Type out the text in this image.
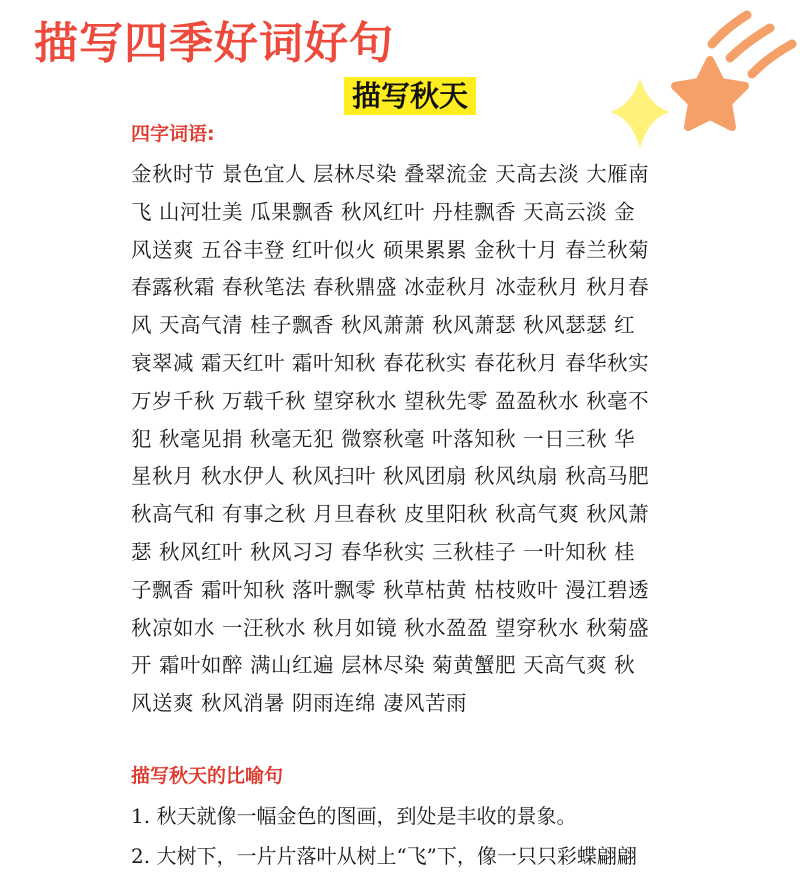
描写四季好词好句
描写秋天
四字词语:
金秋时节 景色宜人 层林尽染 叠翠流金 天高去淡 大雁南
飞 山河壮美 瓜果飘香 秋风红叶 丹桂飘香 天高云淡 金
风送爽 五谷丰登 红叶似火 硕果累累 金秋十月 春兰秋菊
春露秋霜 春秋笔法 春秋鼎盛 冰壶秋月 冰壶秋月 秋月春
风 天高气清 桂子飘香 秋风萧萧 秋风萧瑟 秋风瑟瑟 红
衰翠减 霜天红叶 霜叶知秋 春花秋实 春花秋月 春华秋实
万岁千秋 万载千秋 望穿秋水 望秋先零 盈盈秋水 秋毫不
犯 秋毫见捐 秋毫无犯 微察秋毫 叶落知秋 一日三秋 华
星秋月 秋水伊人 秋风扫叶 秋风团扇 秋风纨扇 秋高马肥
秋高气和 有事之秋 月旦春秋 皮里阳秋 秋高气爽 秋风萧
瑟 秋风红叶 秋风习习 春华秋实 三秋桂子 一叶知秋 桂
子飘香 霜叶知秋 落叶飘零 秋草枯黄 枯枝败叶 漫江碧透
秋凉如水 一汪秋水 秋月如镜 秋水盈盈 望穿秋水 秋菊盛
开 霜叶如醉 满山红遍 层林尽染 菊黄蟹肥 天高气爽 秋
风送爽 秋风消暑 阴雨连绵 凄风苦雨
描写秋天的比喻句
1. 秋天就像一幅金色的图画，到处是丰收的景象。
2. 大树下，一片片落叶从树上“飞”下，像一只只彩蝶翩翩
